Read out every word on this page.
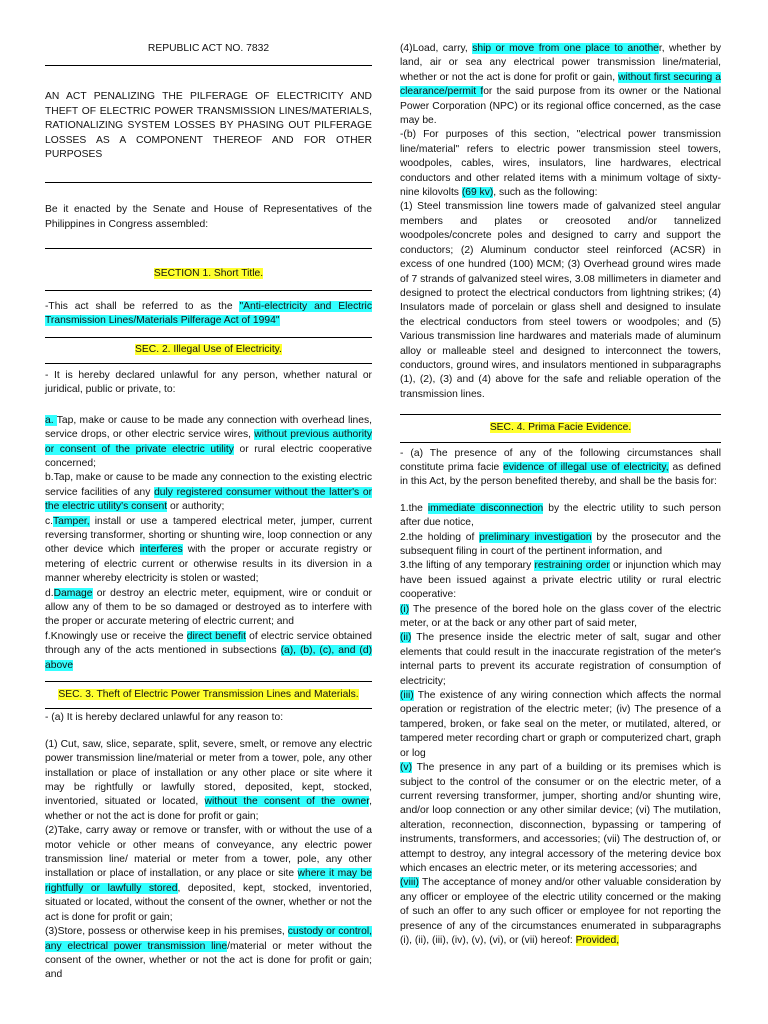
REPUBLIC ACT NO. 7832

AN ACT PENALIZING THE PILFERAGE OF ELECTRICITY AND THEFT OF ELECTRIC POWER TRANSMISSION LINES/MATERIALS, RATIONALIZING SYSTEM LOSSES BY PHASING OUT PILFERAGE LOSSES AS A COMPONENT THEREOF AND FOR OTHER PURPOSES

Be it enacted by the Senate and House of Representatives of the Philippines in Congress assembled:

SECTION 1. Short Title.

-This act shall be referred to as the "Anti-electricity and Electric Transmission Lines/Materials Pilferage Act of 1994"

SEC. 2. Illegal Use of Electricity.

- It is hereby declared unlawful for any person, whether natural or juridical, public or private, to:

a. Tap, make or cause to be made any connection with overhead lines, service drops, or other electric service wires, without previous authority or consent of the private electric utility or rural electric cooperative concerned;

b.Tap, make or cause to be made any connection to the existing electric service facilities of any duly registered consumer without the latter's or the electric utility's consent or authority;

c.Tamper, install or use a tampered electrical meter, jumper, current reversing transformer, shorting or shunting wire, loop connection or any other device which interferes with the proper or accurate registry or metering of electric current or otherwise results in its diversion in a manner whereby electricity is stolen or wasted;

d.Damage or destroy an electric meter, equipment, wire or conduit or allow any of them to be so damaged or destroyed as to interfere with the proper or accurate metering of electric current; and

f.Knowingly use or receive the direct benefit of electric service obtained through any of the acts mentioned in subsections (a), (b), (c), and (d) above

SEC. 3. Theft of Electric Power Transmission Lines and Materials.

- (a) It is hereby declared unlawful for any reason to:

(1) Cut, saw, slice, separate, split, severe, smelt, or remove any electric power transmission line/material or meter from a tower, pole, any other installation or place of installation or any other place or site where it may be rightfully or lawfully stored, deposited, kept, stocked, inventoried, situated or located, without the consent of the owner, whether or not the act is done for profit or gain;

(2)Take, carry away or remove or transfer, with or without the use of a motor vehicle or other means of conveyance, any electric power transmission line/ material or meter from a tower, pole, any other installation or place of installation, or any place or site where it may be rightfully or lawfully stored, deposited, kept, stocked, inventoried, situated or located, without the consent of the owner, whether or not the act is done for profit or gain;

(3)Store, possess or otherwise keep in his premises, custody or control, any electrical power transmission line/material or meter without the consent of the owner, whether or not the act is done for profit or gain; and

(4)Load, carry, ship or move from one place to another, whether by land, air or sea any electrical power transmission line/material, whether or not the act is done for profit or gain, without first securing a clearance/permit for the said purpose from its owner or the National Power Corporation (NPC) or its regional office concerned, as the case may be.

-(b) For purposes of this section, "electrical power transmission line/material" refers to electric power transmission steel towers, woodpoles, cables, wires, insulators, line hardwares, electrical conductors and other related items with a minimum voltage of sixty-nine kilovolts (69 kv), such as the following:

(1) Steel transmission line towers made of galvanized steel angular members and plates or creosoted and/or tannelized woodpoles/concrete poles and designed to carry and support the conductors; (2) Aluminum conductor steel reinforced (ACSR) in excess of one hundred (100) MCM; (3) Overhead ground wires made of 7 strands of galvanized steel wires, 3.08 millimeters in diameter and designed to protect the electrical conductors from lightning strikes; (4) Insulators made of porcelain or glass shell and designed to insulate the electrical conductors from steel towers or woodpoles; and (5) Various transmission line hardwares and materials made of aluminum alloy or malleable steel and designed to interconnect the towers, conductors, ground wires, and insulators mentioned in subparagraphs (1), (2), (3) and (4) above for the safe and reliable operation of the transmission lines.

SEC. 4. Prima Facie Evidence.

- (a) The presence of any of the following circumstances shall constitute prima facie evidence of illegal use of electricity, as defined in this Act, by the person benefited thereby, and shall be the basis for:

1.the immediate disconnection by the electric utility to such person after due notice,

2.the holding of preliminary investigation by the prosecutor and the subsequent filing in court of the pertinent information, and

3.the lifting of any temporary restraining order or injunction which may have been issued against a private electric utility or rural electric cooperative:

(i) The presence of the bored hole on the glass cover of the electric meter, or at the back or any other part of said meter,

(ii) The presence inside the electric meter of salt, sugar and other elements that could result in the inaccurate registration of the meter's internal parts to prevent its accurate registration of consumption of electricity;

(iii) The existence of any wiring connection which affects the normal operation or registration of the electric meter; (iv) The presence of a tampered, broken, or fake seal on the meter, or mutilated, altered, or tampered meter recording chart or graph or computerized chart, graph or log

(v) The presence in any part of a building or its premises which is subject to the control of the consumer or on the electric meter, of a current reversing transformer, jumper, shorting and/or shunting wire, and/or loop connection or any other similar device; (vi) The mutilation, alteration, reconnection, disconnection, bypassing or tampering of instruments, transformers, and accessories; (vii) The destruction of, or attempt to destroy, any integral accessory of the metering device box which encases an electric meter, or its metering accessories; and

(viii) The acceptance of money and/or other valuable consideration by any officer or employee of the electric utility concerned or the making of such an offer to any such officer or employee for not reporting the presence of any of the circumstances enumerated in subparagraphs (i), (ii), (iii), (iv), (v), (vi), or (vii) hereof: Provided,
